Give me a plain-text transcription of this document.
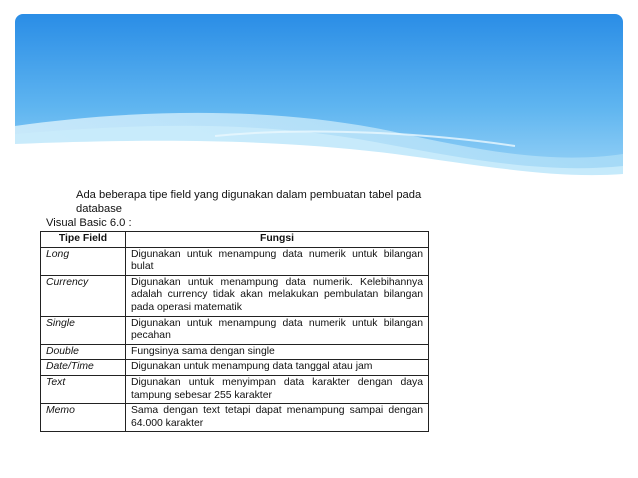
Ada beberapa tipe field yang digunakan dalam pembuatan tabel pada database
Visual Basic 6.0 :
Tipe Field	Fungsi
Long	Digunakan untuk menampung data numerik untuk bilangan bulat
Currency	Digunakan untuk menampung data numerik. Kelebihannya adalah currency tidak akan melakukan pembulatan bilangan pada operasi matematik
Single	Digunakan untuk menampung data numerik untuk bilangan pecahan
Double	Fungsinya sama dengan single
Date/Time	Digunakan untuk menampung data tanggal atau jam
Text	Digunakan untuk menyimpan data karakter dengan daya tampung sebesar 255 karakter
Memo	Sama dengan text tetapi dapat menampung sampai dengan 64.000 karakter
